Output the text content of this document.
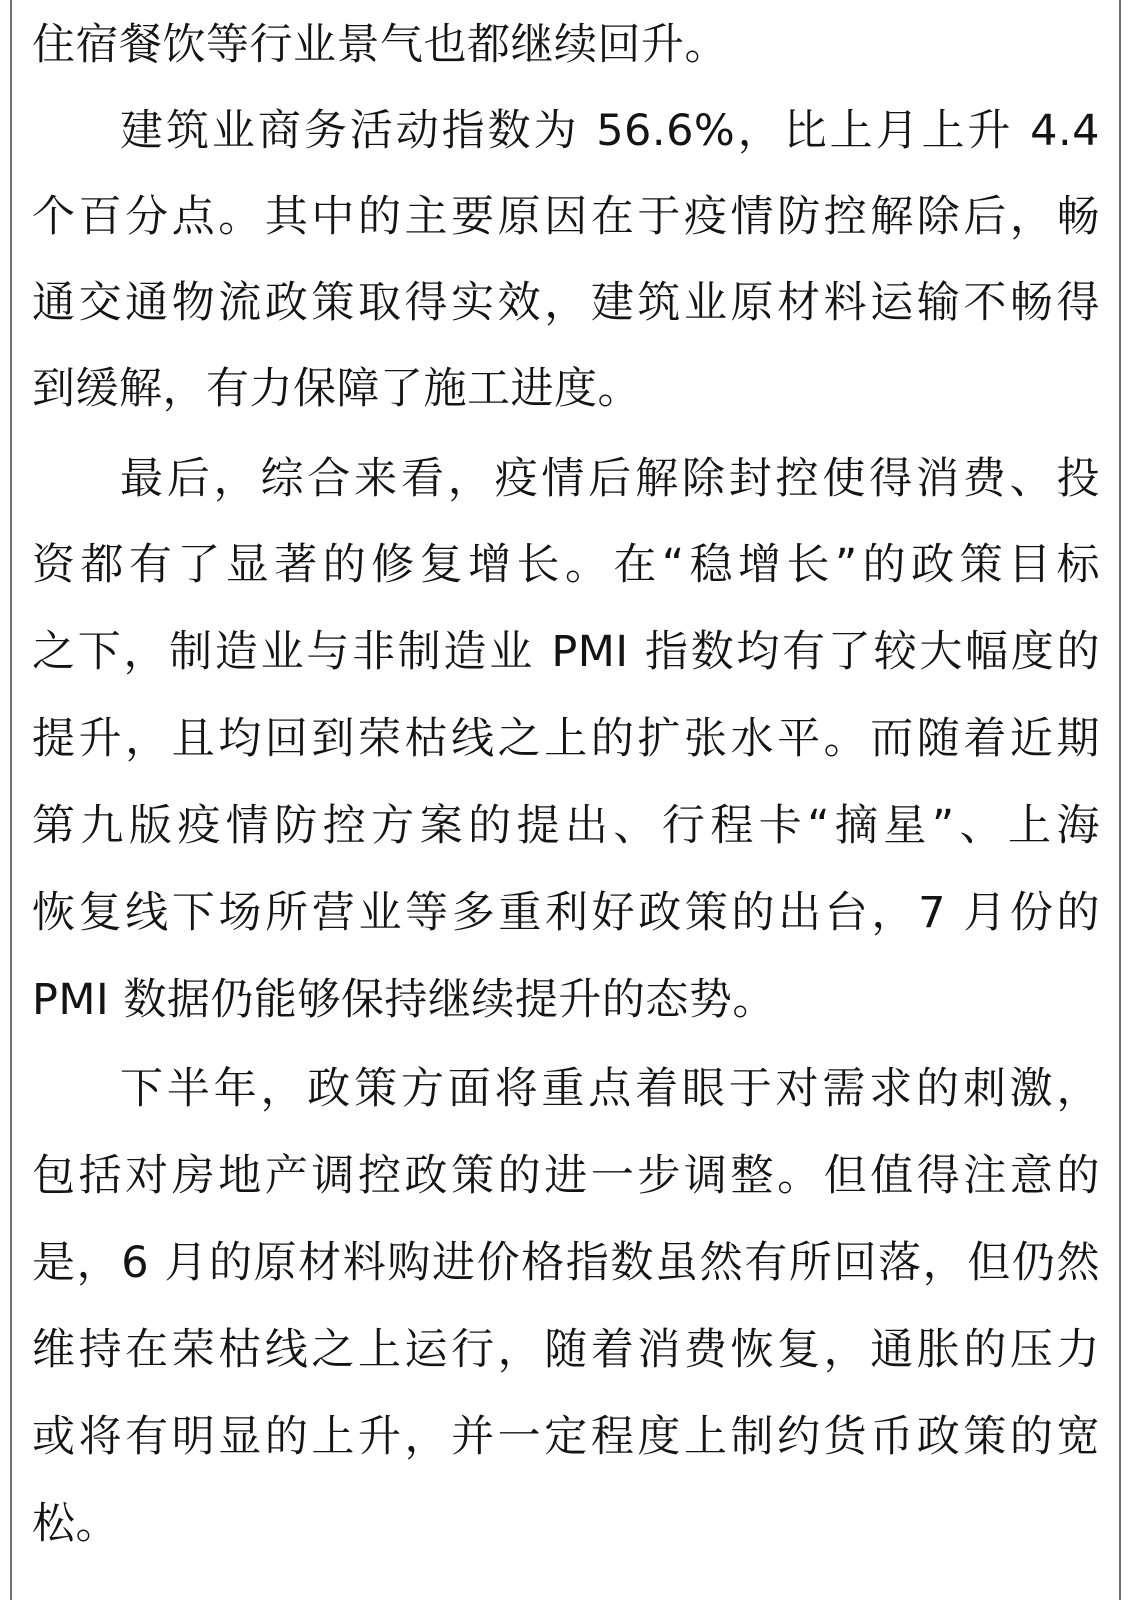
住宿餐饮等行业景气也都继续回升。
建筑业商务活动指数为 56.6%，比上月上升 4.4
个百分点。其中的主要原因在于疫情防控解除后，畅
通交通物流政策取得实效，建筑业原材料运输不畅得
到缓解，有力保障了施工进度。
最后，综合来看，疫情后解除封控使得消费、投
资都有了显著的修复增长。在“稳增长”的政策目标
之下，制造业与非制造业 PMI 指数均有了较大幅度的
提升，且均回到荣枯线之上的扩张水平。而随着近期
第九版疫情防控方案的提出、行程卡“摘星”、上海
恢复线下场所营业等多重利好政策的出台，7 月份的
PMI 数据仍能够保持继续提升的态势。
下半年，政策方面将重点着眼于对需求的刺激，
包括对房地产调控政策的进一步调整。但值得注意的
是，6 月的原材料购进价格指数虽然有所回落，但仍然
维持在荣枯线之上运行，随着消费恢复，通胀的压力
或将有明显的上升，并一定程度上制约货币政策的宽
松。
